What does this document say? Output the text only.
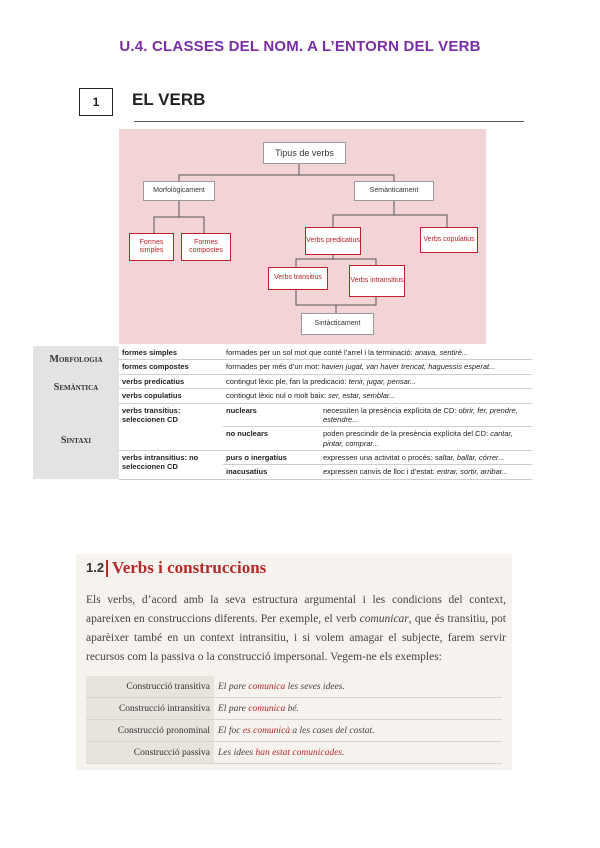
U.4. CLASSES DEL NOM. A L’ENTORN DEL VERB
1	EL VERB
Tipus de verbs
Morfològicament	Semànticament
Formes simples
Formes compostes
Verbs predicatius	Verbs copulatius
Verbs transitius	Verbs intransitius
Sintàcticament
Morfologia	formes simples	formades per un sol mot que conté l’arrel i la terminació: anava, sentiré...	
	formes compostes	formades per més d’un mot: havien jugat, van haver trencat, haguessis esperat...	
Semàntica	verbs predicatius	contingut lèxic ple, fan la predicació: tenir, jugar, pensar...	
	verbs copulatius	contingut lèxic nul o molt baix: ser, estar, semblar...	
Sintaxi	verbs transitius: seleccionen CD	nuclears	necessiten la presència explícita de CD: obrir, fer, prendre, estendre...
		no nuclears	poden prescindir de la presència explícita del CD: cantar, pintar, comprar...
	verbs intransitius: no seleccionen CD	purs o inergatius	expressen una activitat o procés: saltar, ballar, córrer...
		inacusatius	expressen canvis de lloc i d’estat: entrar, sortir, arribar...
1.2 Verbs i construccions
Els verbs, d’acord amb la seva estructura argumental i les condicions del context, apareixen en construccions diferents. Per exemple, el verb comunicar, que és transitiu, pot aparèixer també en un context intransitiu, i si volem amagar el subjecte, farem servir recursos com la passiva o la construcció impersonal. Vegem-ne els exemples:
Construcció transitiva	El pare comunica les seves idees.
Construcció intransitiva	El pare comunica bé.
Construcció pronominal	El foc es comunicà a les cases del costat.
Construcció passiva	Les idees han estat comunicades.
